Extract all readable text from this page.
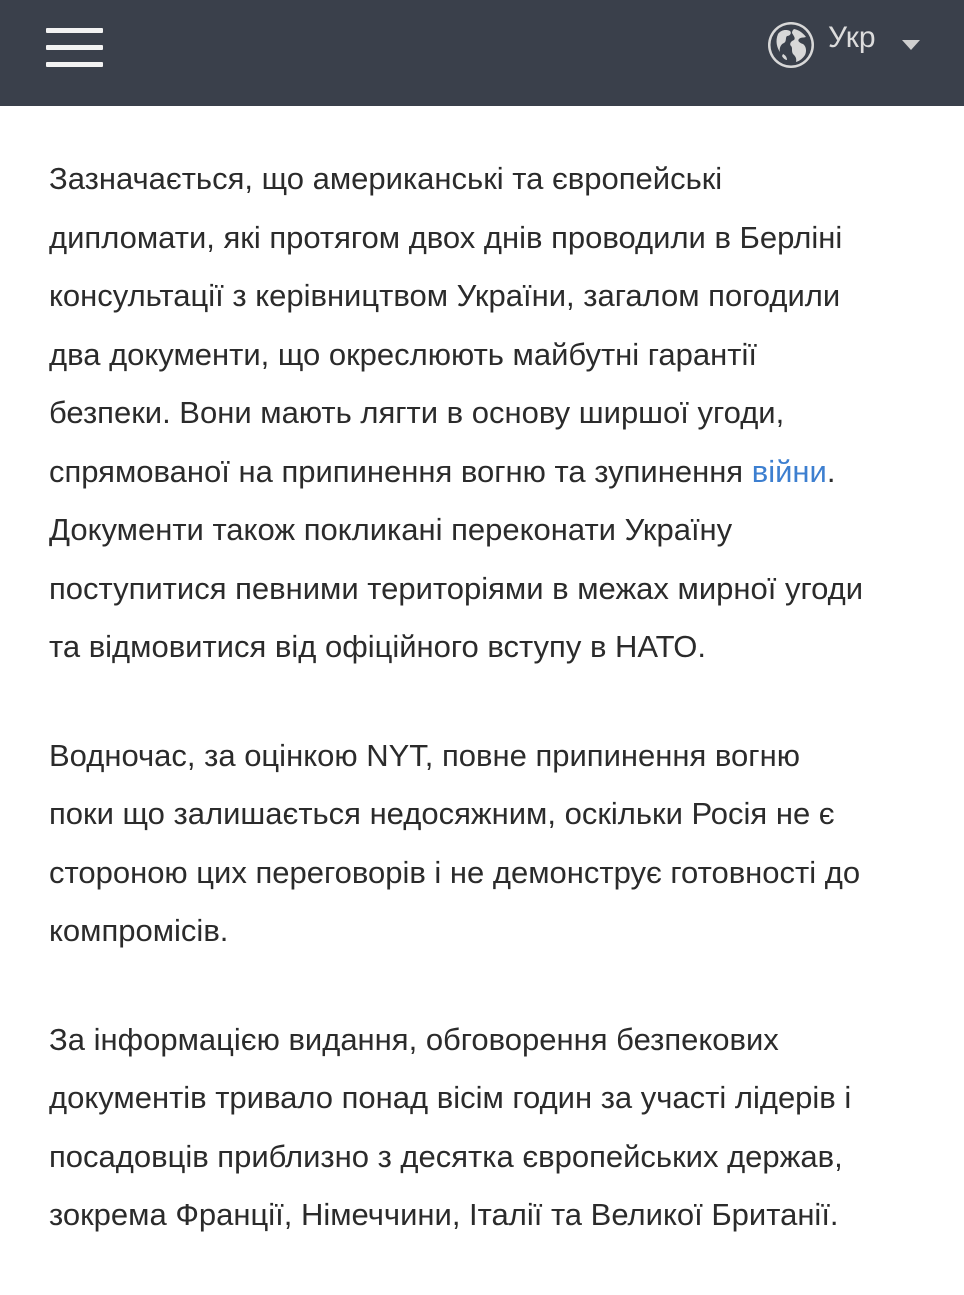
Укр

Зазначається, що американські та європейські
дипломати, які протягом двох днів проводили в Берліні
консультації з керівництвом України, загалом погодили
два документи, що окреслюють майбутні гарантії
безпеки. Вони мають лягти в основу ширшої угоди,
спрямованої на припинення вогню та зупинення війни.
Документи також покликані переконати Україну
поступитися певними територіями в межах мирної угоди
та відмовитися від офіційного вступу в НАТО.

Водночас, за оцінкою NYT, повне припинення вогню
поки що залишається недосяжним, оскільки Росія не є
стороною цих переговорів і не демонструє готовності до
компромісів.

За інформацією видання, обговорення безпекових
документів тривало понад вісім годин за участі лідерів і
посадовців приблизно з десятка європейських держав,
зокрема Франції, Німеччини, Італії та Великої Британії.
